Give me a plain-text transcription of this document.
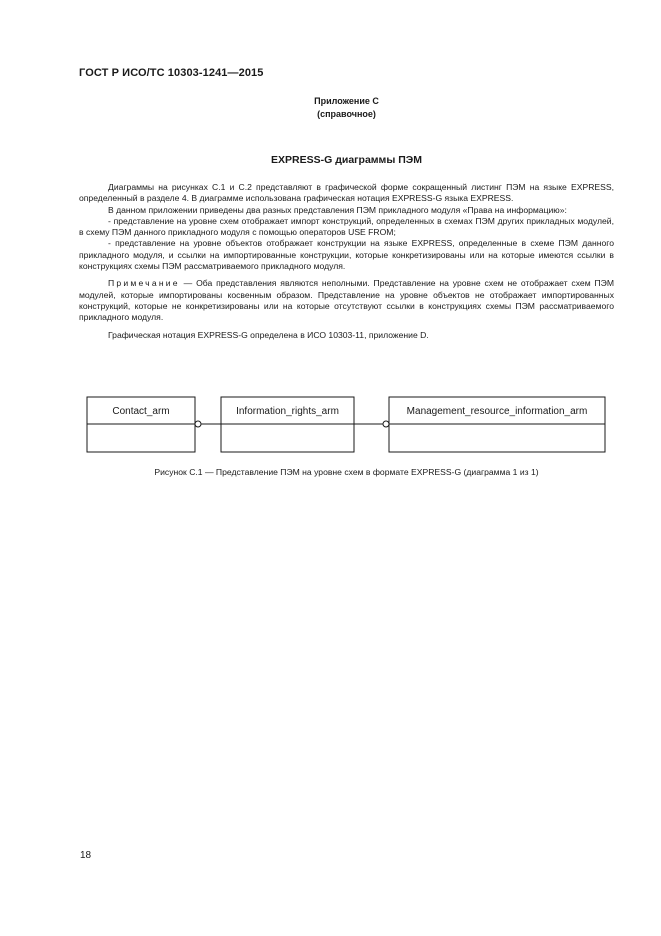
ГОСТ Р ИСО/ТС 10303-1241—2015
Приложение С
(справочное)
EXPRESS-G диаграммы ПЭМ

Диаграммы на рисунках С.1 и С.2 представляют в графической форме сокращенный листинг ПЭМ на языке EXPRESS, определенный в разделе 4. В диаграмме использована графическая нотация EXPRESS-G языка EXPRESS.

В данном приложении приведены два разных представления ПЭМ прикладного модуля «Права на информацию»:

- представление на уровне схем отображает импорт конструкций, определенных в схемах ПЭМ других прикладных модулей, в схему ПЭМ данного прикладного модуля с помощью операторов USE FROM;

- представление на уровне объектов отображает конструкции на языке EXPRESS, определенные в схеме ПЭМ данного прикладного модуля, и ссылки на импортированные конструкции, которые конкретизированы или на которые имеются ссылки в конструкциях схемы ПЭМ рассматриваемого прикладного модуля.

Примечание — Оба представления являются неполными. Представление на уровне схем не отображает схем ПЭМ модулей, которые импортированы косвенным образом. Представление на уровне объектов не отображает импортированных конструкций, которые не конкретизированы или на которые отсутствуют ссылки в конструкциях схемы ПЭМ рассматриваемого прикладного модуля.

Графическая нотация EXPRESS-G определена в ИСО 10303-11, приложение D.

Contact_arm	Information_rights_arm	Management_resource_information_arm
Рисунок С.1 — Представление ПЭМ на уровне схем в формате EXPRESS-G (диаграмма 1 из 1)
18
